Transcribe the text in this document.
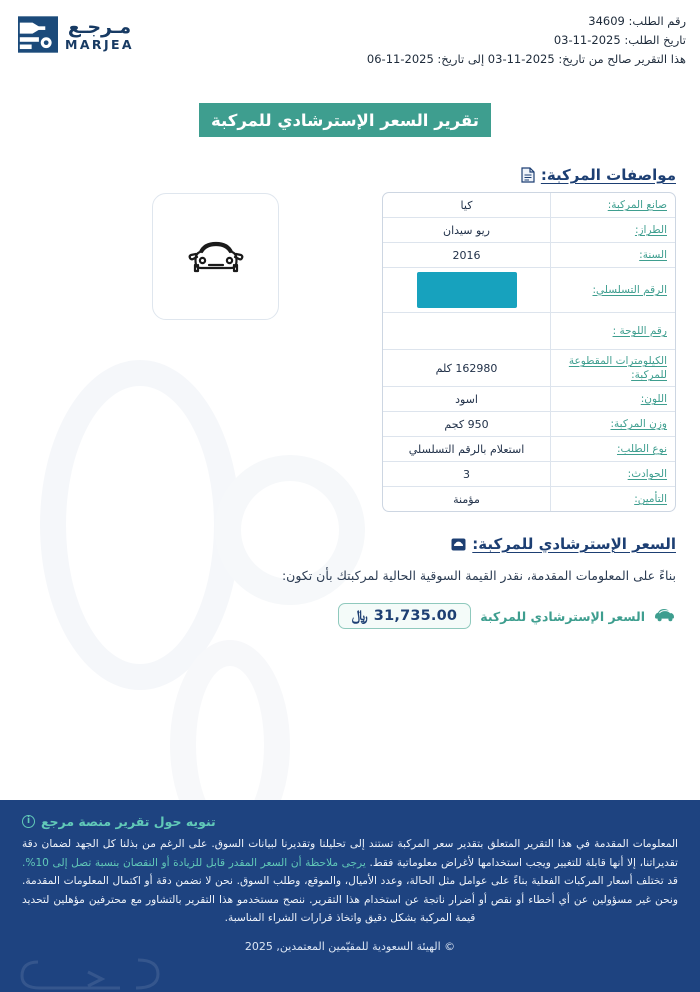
رقم الطلب: 34609
تاريخ الطلب: 2025-11-03
هذا التقرير صالح من تاريخ: 2025-11-03 إلى تاريخ: 2025-11-06
مـرجـع
MARJEA
تقرير السعر الإسترشادي للمركبة
مواصفات المركبة:
صانع المركبة:
كيا
الطراز:
ريو سيدان
السنة:
2016
الرقم التسلسلي:
رقم اللوحة :
الكيلومترات المقطوعة للمركبة:
162980 كلم
اللون:
اسود
وزن المركبة:
950 كجم
نوع الطلب:
استعلام بالرقم التسلسلي
الحوادث:
3
التأمين:
مؤمنة
السعر الإسترشادي للمركبة:
بناءً على المعلومات المقدمة، نقدر القيمة السوقية الحالية لمركبتك بأن تكون:
السعر الإسترشادي للمركبة
﷼ 31,735.00
تنويه حول تقرير منصة مرجع
i
المعلومات المقدمة في هذا التقرير المتعلق بتقدير سعر المركبة تستند إلى تحليلنا وتقديرنا لبيانات السوق. على الرغم من بذلنا كل الجهد لضمان دقة تقديراتنا، إلا أنها قابلة للتغيير ويجب استخدامها لأغراض معلوماتية فقط. يرجى ملاحظة أن السعر المقدر قابل للزيادة أو النقصان بنسبة تصل إلى 10%. قد تختلف أسعار المركبات الفعلية بناءً على عوامل مثل الحالة، وعدد الأميال، والموقع، وطلب السوق. نحن لا نضمن دقة أو اكتمال المعلومات المقدمة. ونحن غير مسؤولين عن أي أخطاء أو نقص أو أضرار ناتجة عن استخدام هذا التقرير. ننصح مستخدمو هذا التقرير بالتشاور مع محترفين مؤهلين لتحديد قيمة المركبة بشكل دقيق واتخاذ قرارات الشراء المناسبة.
© الهيئة السعودية للمقيّمين المعتمدين, 2025
